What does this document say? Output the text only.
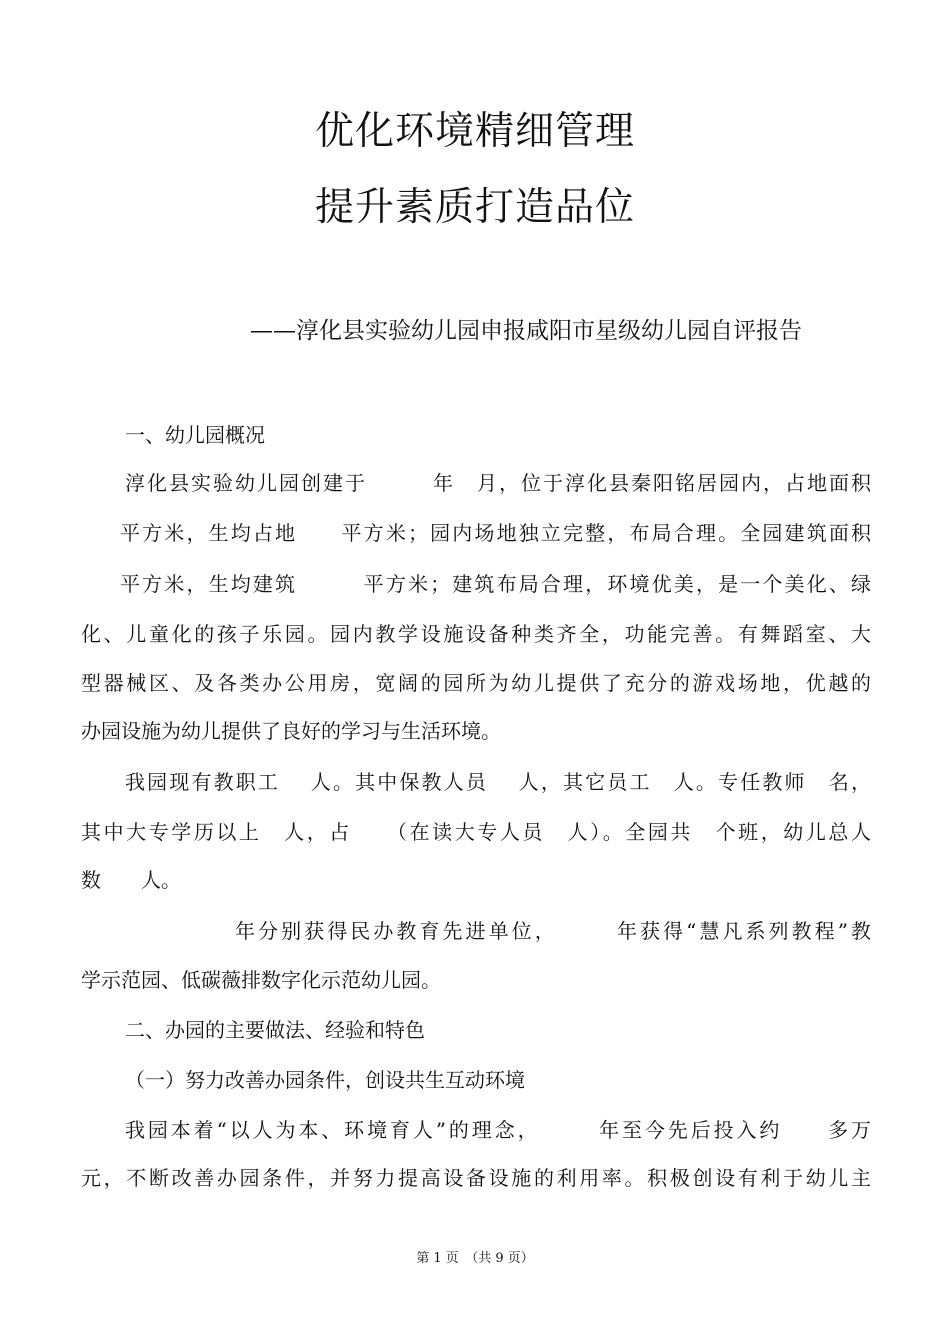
优化环境精细管理
提升素质打造品位
——淳化县实验幼儿园申报咸阳市星级幼儿园自评报告
一、幼儿园概况
淳化县实验幼儿园创建于　　　年　月，位于淳化县秦阳铭居园内，占地面积
平方米，生均占地　　平方米；园内场地独立完整，布局合理。全园建筑面积
平方米，生均建筑　　　平方米；建筑布局合理，环境优美，是一个美化、绿
化、儿童化的孩子乐园。园内教学设施设备种类齐全，功能完善。有舞蹈室、大
型器械区、及各类办公用房，宽阔的园所为幼儿提供了充分的游戏场地，优越的
办园设施为幼儿提供了良好的学习与生活环境。
我园现有教职工　 人。其中保教人员　 人，其它员工　人。专任教师　名，
其中大专学历以上　人，占　　（在读大专人员　人）。全园共　个班，幼儿总人
数　　人。
年分别获得民办教育先进单位，　　　年获得“慧凡系列教程”教
学示范园、低碳薇排数字化示范幼儿园。
二、办园的主要做法、经验和特色
（一）努力改善办园条件，创设共生互动环境
我园本着“以人为本、环境育人”的理念，　　　年至今先后投入约　　多万
元，不断改善办园条件，并努力提高设备设施的利用率。积极创设有利于幼儿主
第 1 页　（共 9 页）
